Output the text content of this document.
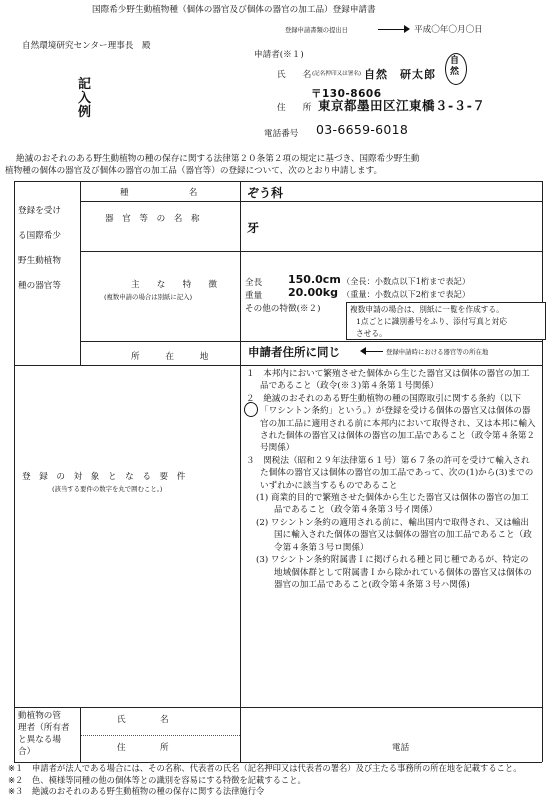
国際希少野生動植物種（個体の器官及び個体の器官の加工品）登録申請書
登録申請書類の提出日	平成〇年〇月〇日
自然環境研究センター理事長　殿
記
入
例
申請者(※１)
氏　　名 (記名押印又は署名) 自然　研太郎
自
然
〒130-8606
住　　所 東京都墨田区江東橋３-３-７
電話番号 03-6659-6018
絶滅のおそれのある野生動植物の種の保存に関する法律第２０条第２項の規定に基づき、国際希少野生動
植物種の個体の器官及び個体の器官の加工品（器官等）の登録について、次のとおり申請します。
登録を受け
る国際希少
野生動植物
種の器官等
種　　　　　　　名	ぞう科
器　官　等　の　名　称
牙
主　　な　　特　　徴
(複数申請の場合は別紙に記入)
全長 150.0cm （全長：小数点以下1桁まで表記）
重量 20.00kg （重量：小数点以下2桁まで表記）
その他の特徴(※２)	複数申請の場合は、別紙に一覧を作成する。
1点ごとに識別番号をふり、添付写真と対応
させる。
所　　　在　　　地	申請者住所に同じ	登録申請時における器官等の所在地
登　録　の　対　象　と　な　る　要　件
(該当する要件の数字を丸で囲むこと。)
１　本邦内において繁殖させた個体から生じた器官又は個体の器官の加工品であること（政令(※３)第４条第１号関係）
２　絶滅のおそれのある野生動植物の種の国際取引に関する条約（以下「ワシントン条約」という。）が登録を受ける個体の器官又は個体の器官の加工品に適用される前に本邦内において取得され、又は本邦に輸入された個体の器官又は個体の器官の加工品であること（政令第４条第２号関係）
３　関税法（昭和２９年法律第６１号）第６７条の許可を受けて輸入された個体の器官又は個体の器官の加工品であって、次の(1)から(3)までのいずれかに該当するものであること
(1) 商業的目的で繁殖させた個体から生じた器官又は個体の器官の加工品であること（政令第４条第３号イ関係）
(2) ワシントン条約の適用される前に、輸出国内で取得され、又は輸出国に輸入された個体の器官又は個体の器官の加工品であること（政令第４条第３号ロ関係）
(3) ワシントン条約附属書Ｉに掲げられる種と同じ種であるが、特定の地域個体群として附属書Ｉから除かれている個体の器官又は個体の器官の加工品であること(政令第４条第３号ハ関係)
動植物の管
理者（所有者
と異なる場
合）
氏　　　　名
住　　　　所	電話
※１ 申請者が法人である場合には、その名称、代表者の氏名（記名押印又は代表者の署名）及び主たる事務所の所在地を記載すること。
※２ 色、模様等同種の他の個体等との識別を容易にする特徴を記載すること。
※３ 絶滅のおそれのある野生動植物の種の保存に関する法律施行令
